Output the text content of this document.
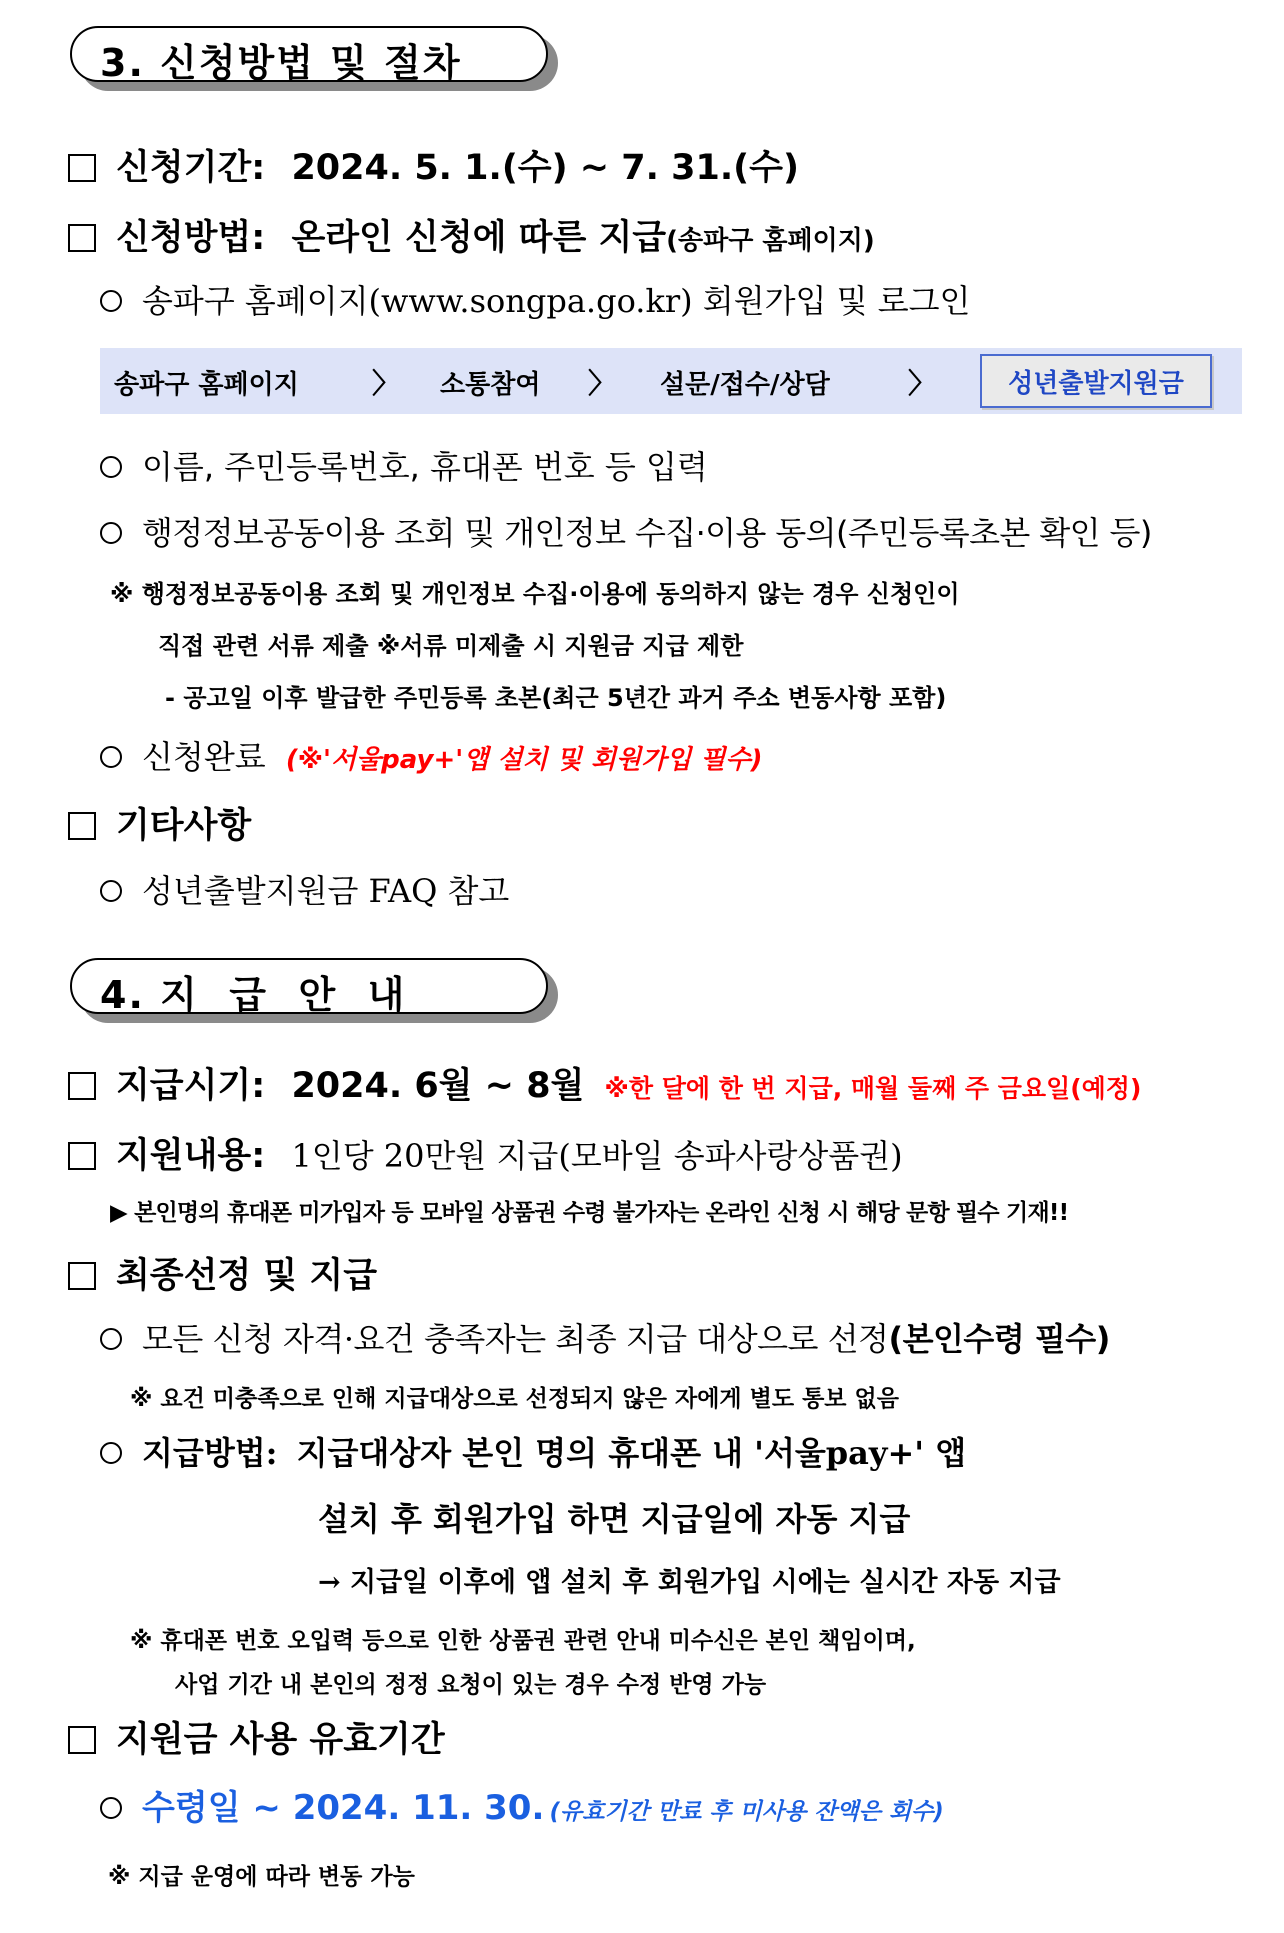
3. 신청방법 및 절차
신청기간: 2024. 5. 1.(수) ~ 7. 31.(수)
신청방법: 온라인 신청에 따른 지급(송파구 홈페이지)
송파구 홈페이지(www.songpa.go.kr) 회원가입 및 로그인
송파구 홈페이지	〉 소통참여 〉 설문/접수/상담	〉	성년출발지원금
이름, 주민등록번호, 휴대폰 번호 등 입력
행정정보공동이용 조회 및 개인정보 수집·이용 동의(주민등록초본 확인 등)
※ 행정정보공동이용 조회 및 개인정보 수집·이용에 동의하지 않는 경우 신청인이
직접 관련 서류 제출 ※서류 미제출 시 지원금 지급 제한
- 공고일 이후 발급한 주민등록 초본(최근 5년간 과거 주소 변동사항 포함)
신청완료 (※'서울pay+'앱 설치 및 회원가입 필수)
기타사항
성년출발지원금 FAQ 참고
4. 지  급  안  내
지급시기: 2024. 6월 ~ 8월 ※한 달에 한 번 지급, 매월 둘째 주 금요일(예정)
지원내용: 1인당 20만원 지급(모바일 송파사랑상품권)
▶ 본인명의 휴대폰 미가입자 등 모바일 상품권 수령 불가자는 온라인 신청 시 해당 문항 필수 기재!!
최종선정 및 지급
모든 신청 자격·요건 충족자는 최종 지급 대상으로 선정(본인수령 필수)
※ 요건 미충족으로 인해 지급대상으로 선정되지 않은 자에게 별도 통보 없음
지급방법: 지급대상자 본인 명의 휴대폰 내 '서울pay+' 앱
설치 후 회원가입 하면 지급일에 자동 지급
→ 지급일 이후에 앱 설치 후 회원가입 시에는 실시간 자동 지급
※ 휴대폰 번호 오입력 등으로 인한 상품권 관련 안내 미수신은 본인 책임이며,
사업 기간 내 본인의 정정 요청이 있는 경우 수정 반영 가능
지원금 사용 유효기간
수령일 ~ 2024. 11. 30. (유효기간 만료 후 미사용 잔액은 회수)
※ 지급 운영에 따라 변동 가능
